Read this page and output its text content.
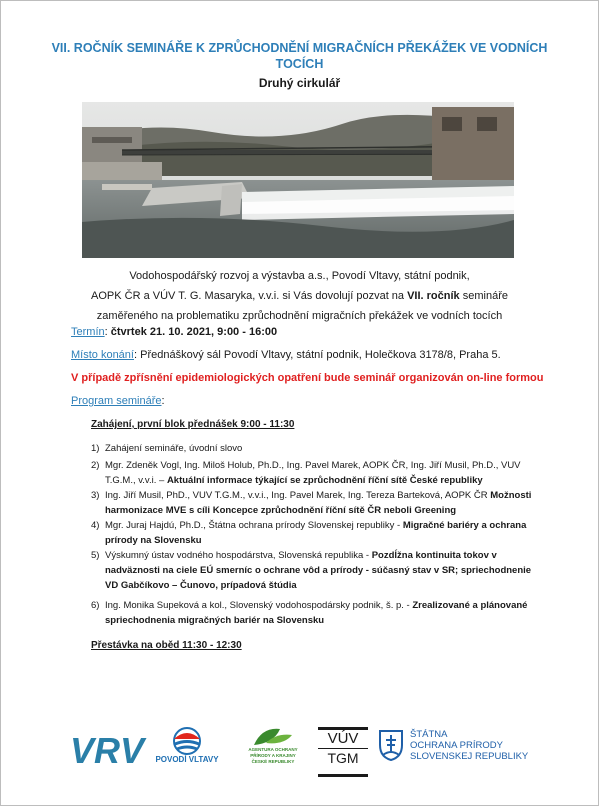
VII. ROČNÍK SEMINÁŘE K ZPRŮCHODNĚNÍ MIGRAČNÍCH PŘEKÁŽEK VE VODNÍCH TOCÍCH
Druhý cirkulář
Vodohospodářský rozvoj a výstavba a.s., Povodí Vltavy, státní podnik,
AOPK ČR a VÚV T. G. Masaryka, v.v.i. si Vás dovolují pozvat na VII. ročník semináře
zaměřeného na problematiku zprůchodnění migračních překážek ve vodních tocích
Termín: čtvrtek 21. 10. 2021, 9:00 - 16:00
Místo konání: Přednáškový sál Povodí Vltavy, státní podnik, Holečkova 3178/8, Praha 5.
V případě zpřísnění epidemiologických opatření bude seminář organizován on-line formou
Program semináře:
Zahájení, první blok přednášek 9:00 - 11:30
1) Zahájení semináře, úvodní slovo
2) Mgr. Zdeněk Vogl, Ing. Miloš Holub, Ph.D., Ing. Pavel Marek, AOPK ČR, Ing. Jiří Musil, Ph.D., VUV T.G.M., v.v.i. – Aktuální informace týkající se zprůchodnění říční sítě České republiky
3) Ing. Jiří Musil, PhD., VUV T.G.M., v.v.i., Ing. Pavel Marek, Ing. Tereza Barteková, AOPK ČR Možnosti harmonizace MVE s cíli Koncepce zprůchodnění říční sítě ČR neboli Greening
4) Mgr. Juraj Hajdú, Ph.D., Štátna ochrana prírody Slovenskej republiky - Migračné bariéry a ochrana prírody na Slovensku
5) Výskumný ústav vodného hospodárstva, Slovenská republika - Pozdĺžna kontinuita tokov v nadväznosti na ciele EÚ smerníc o ochrane vôd a prírody - súčasný stav v SR; spriechodnenie VD Gabčíkovo – Čunovo, prípadová štúdia
6) Ing. Monika Supeková a kol., Slovenský vodohospodársky podnik, š. p. - Zrealizované a plánované spriechodnenia migračných bariér na Slovensku
Přestávka na oběd 11:30 - 12:30
VRV	POVODÍ VLTAVY
AGENTURA OCHRANY
PŘÍRODY A KRAJINY
ČESKÉ REPUBLIKY
VÚV
TGM
ŠTÁTNA
OCHRANA PRÍRODY
SLOVENSKEJ REPUBLIKY
